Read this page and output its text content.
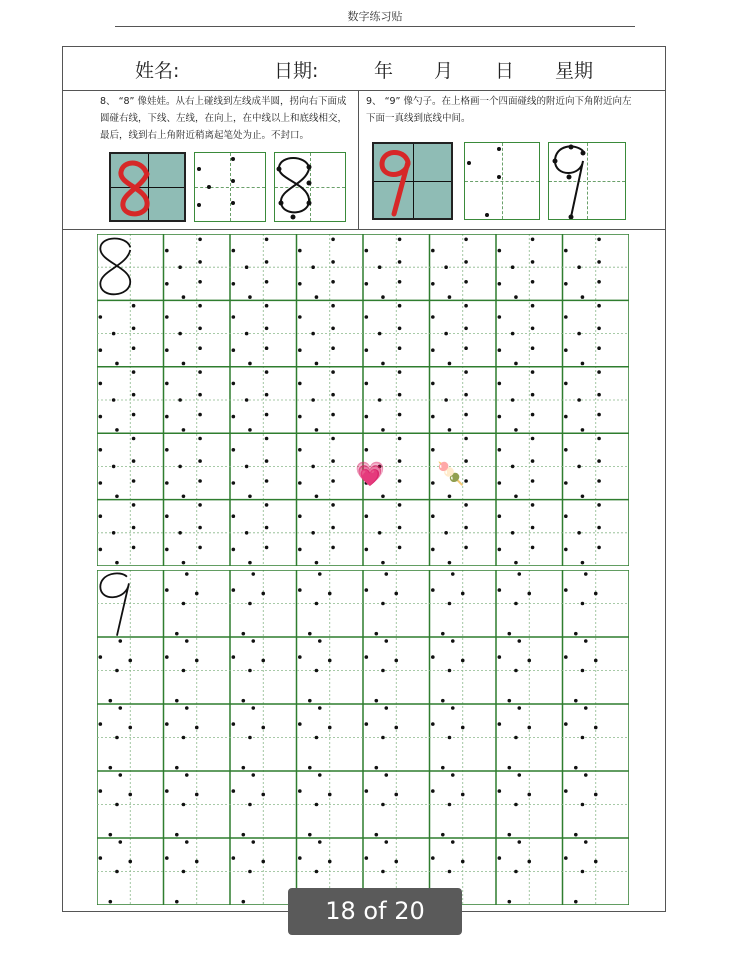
数字练习贴
姓名:	日期:	年 月 日 星期
8、 “8” 像娃娃。从右上碰线到左线成半圆，拐向右下面成圆碰右线，下线、左线，在向上，在中线以上和底线相交，最后，线到右上角附近稍离起笔处为止。不封口。
9、 “9” 像勺子。在上格画一个四面碰线的附近向下角附近向左下面一真线到底线中间。
💗 🍡
18 of 20
